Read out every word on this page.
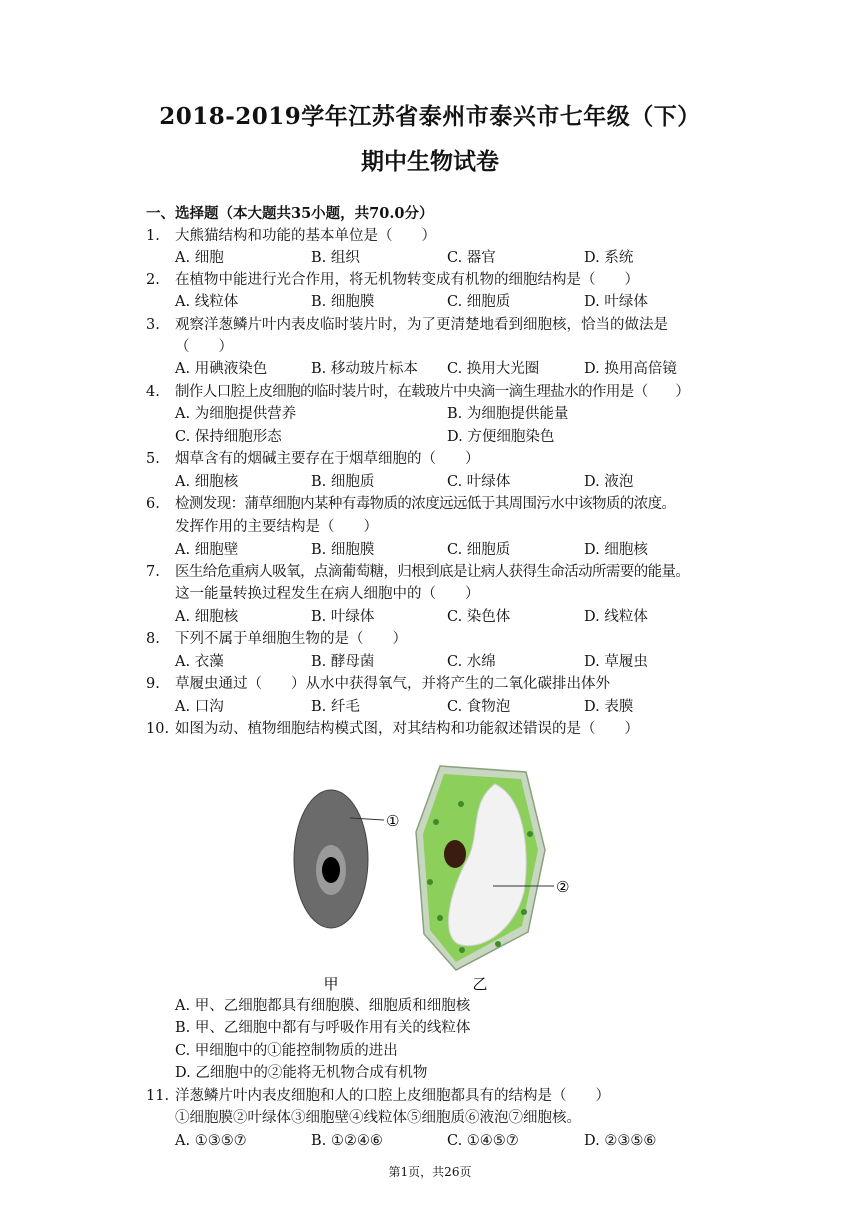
2018-2019学年江苏省泰州市泰兴市七年级（下）
期中生物试卷
一、选择题（本大题共35小题，共70.0分）
1. 大熊猫结构和功能的基本单位是（　　）
A. 细胞	B. 组织	C. 器官	D. 系统
2. 在植物中能进行光合作用，将无机物转变成有机物的细胞结构是（　　）
A. 线粒体	B. 细胞膜	C. 细胞质	D. 叶绿体
3. 观察洋葱鳞片叶内表皮临时装片时，为了更清楚地看到细胞核，恰当的做法是
（　　）
A. 用碘液染色	B. 移动玻片标本 C. 换用大光圈	D. 换用高倍镜
4. 制作人口腔上皮细胞的临时装片时，在载玻片中央滴一滴生理盐水的作用是（　　）
A. 为细胞提供营养	B. 为细胞提供能量
C. 保持细胞形态	D. 方便细胞染色
5. 烟草含有的烟碱主要存在于烟草细胞的（　　）
A. 细胞核	B. 细胞质	C. 叶绿体	D. 液泡
6. 检测发现：蒲草细胞内某种有毒物质的浓度远远低于其周围污水中该物质的浓度。
发挥作用的主要结构是（　　）
A. 细胞壁	B. 细胞膜	C. 细胞质	D. 细胞核
7. 医生给危重病人吸氧，点滴葡萄糖，归根到底是让病人获得生命活动所需要的能量。
这一能量转换过程发生在病人细胞中的（　　）
A. 细胞核	B. 叶绿体	C. 染色体	D. 线粒体
8. 下列不属于单细胞生物的是（　　）
A. 衣藻	B. 酵母菌	C. 水绵	D. 草履虫
9. 草履虫通过（　　）从水中获得氧气，并将产生的二氧化碳排出体外
A. 口沟	B. 纤毛	C. 食物泡	D. 表膜
10. 如图为动、植物细胞结构模式图，对其结构和功能叙述错误的是（　　）
①
②
甲	乙
A. 甲、乙细胞都具有细胞膜、细胞质和细胞核
B. 甲、乙细胞中都有与呼吸作用有关的线粒体
C. 甲细胞中的①能控制物质的进出
D. 乙细胞中的②能将无机物合成有机物
11. 洋葱鳞片叶内表皮细胞和人的口腔上皮细胞都具有的结构是（　　）
①细胞膜②叶绿体③细胞壁④线粒体⑤细胞质⑥液泡⑦细胞核。
A. ①③⑤⑦	B. ①②④⑥	C. ①④⑤⑦	D. ②③⑤⑥
第1页，共26页
